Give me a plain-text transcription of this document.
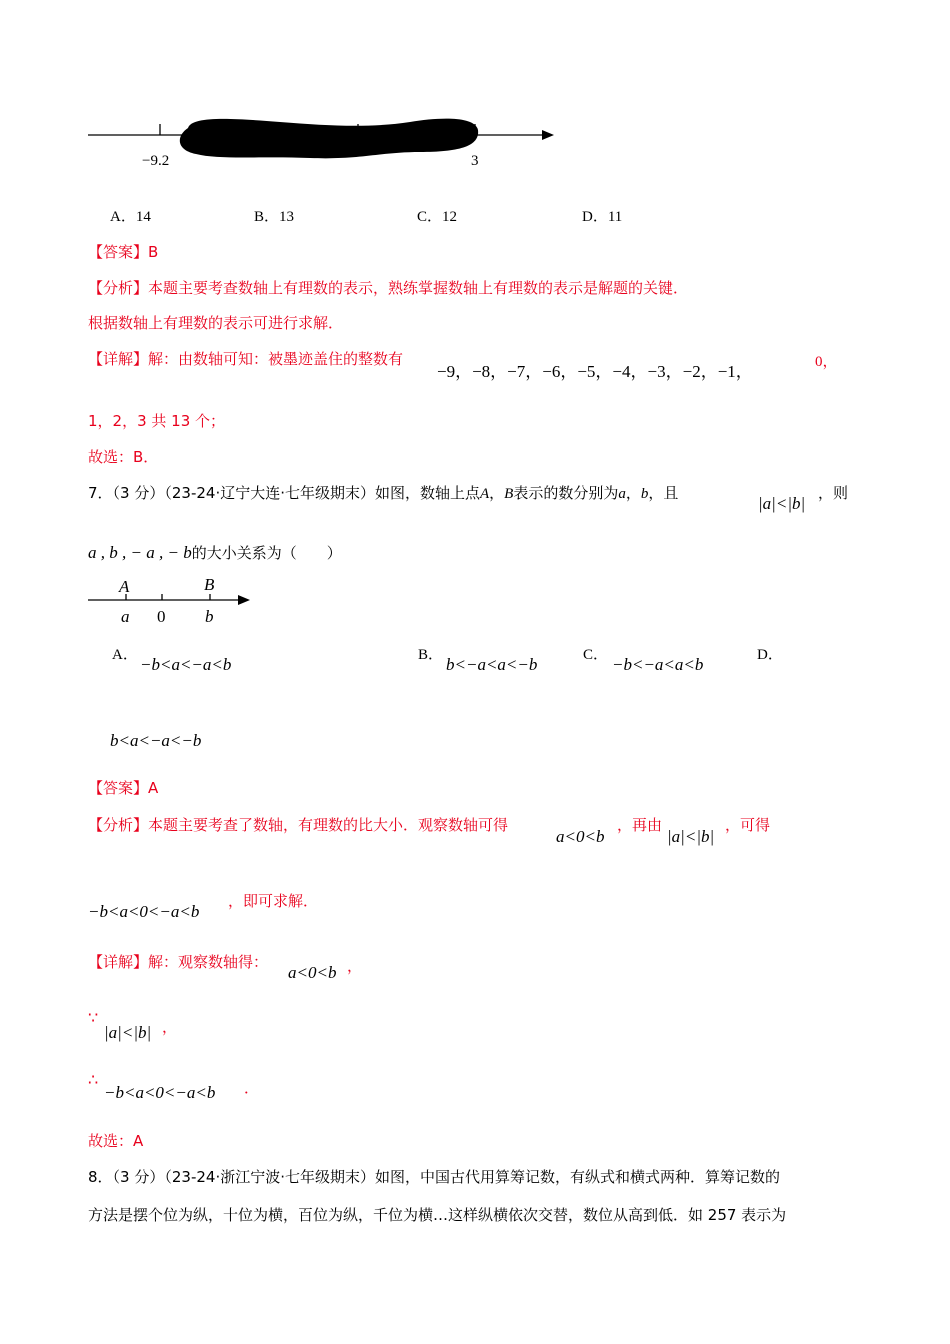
−9.2	3
A．14	B．13	C．12	D．11
【答案】B
【分析】本题主要考查数轴上有理数的表示，熟练掌握数轴上有理数的表示是解题的关键．
根据数轴上有理数的表示可进行求解．
【详解】解：由数轴可知：被墨迹盖住的整数有
−9，−8，−7，−6，−5，−4，−3，−2，−1，	0，
1，2，3 共 13 个；
故选：B．
7．（3 分）（23-24·辽宁大连·七年级期末）如图，数轴上点A，B表示的数分别为a，b，且
|a|<|b|
，则
a , b , − a , − b的大小关系为（　　）
A	B
a 0 b
A． −b<a<−a<b	B． b<−a<a<−b	C． −b<−a<a<b	D．
b<a<−a<−b
【答案】A
【分析】本题主要考查了数轴，有理数的比大小．观察数轴可得
a<0<b
，再由
|a|<|b|
，可得
−b<a<0<−a<b
，即可求解．
【详解】解：观察数轴得：
a<0<b ，
∵
|a|<|b| ，
∴
−b<a<0<−a<b ．
故选：A
8．（3 分）（23-24·浙江宁波·七年级期末）如图，中国古代用算筹记数，有纵式和横式两种．算筹记数的
方法是摆个位为纵，十位为横，百位为纵，千位为横…这样纵横依次交替，数位从高到低．如 257 表示为
